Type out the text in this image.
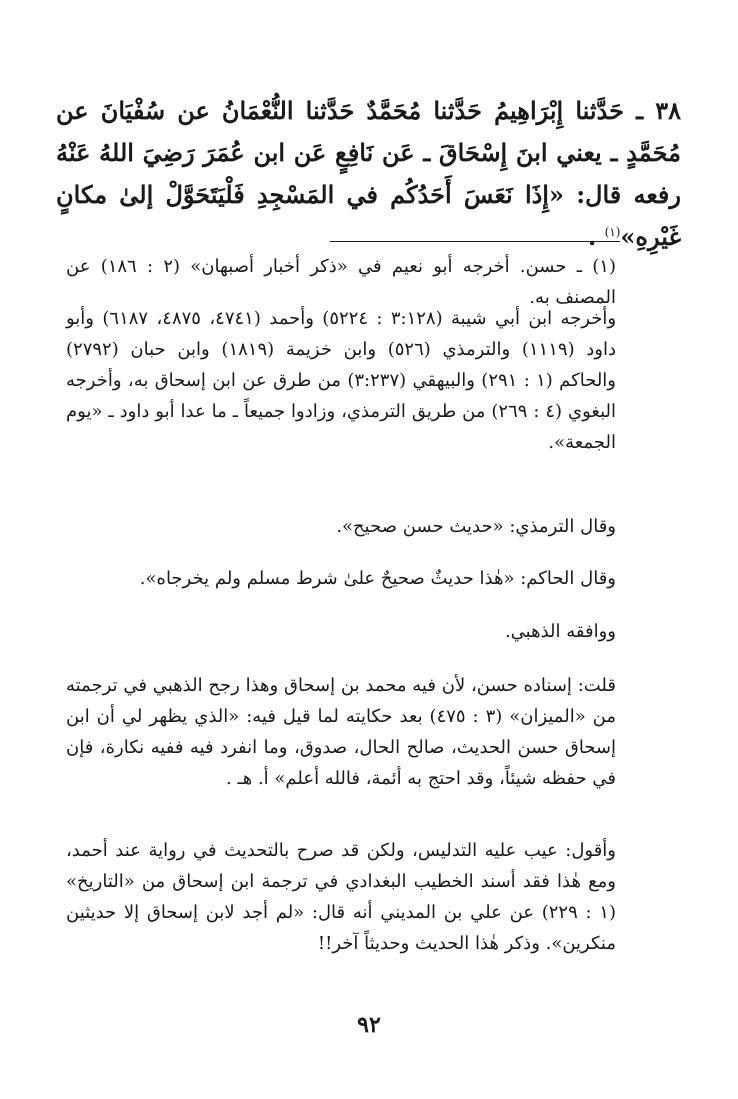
٣٨ ـ حَدَّثنا إِبْرَاهِيمُ حَدَّثنا مُحَمَّدٌ حَدَّثنا النُّعْمَانُ عن سُفْيَانَ عن مُحَمَّدٍ ـ يعني ابنَ إِسْحَاقَ ـ عَن نَافِعٍ عَن ابن عُمَرَ رَضِيَ اللهُ عَنْهُ رفعه قال: «إِذَا نَعَسَ أَحَدُكُم في المَسْجِدِ فَلْيَتَحَوَّلْ إلىٰ مكانٍ غَيْرِهِ»$^{(١)}$ .
(١) ـ حسن. أخرجه أبو نعيم في «ذكر أخبار أصبهان» (٢ : ١٨٦) عن المصنف به.
وأخرجه ابن أبي شيبة (٣:١٢٨ : ٥٢٢٤) وأحمد (٤٧٤١، ٤٨٧٥، ٦١٨٧) وأبو داود (١١١٩) والترمذي (٥٢٦) وابن خزيمة (١٨١٩) وابن حبان (٢٧٩٢) والحاكم (١ : ٢٩١) والبيهقي (٣:٢٣٧) من طرق عن ابن إسحاق به، وأخرجه البغوي (٤ : ٢٦٩) من طريق الترمذي، وزادوا جميعاً ـ ما عدا أبو داود ـ «يوم الجمعة».
وقال الترمذي: «حديث حسن صحيح».
وقال الحاكم: «هٰذا حديثٌ صحيحٌ علىٰ شرط مسلم ولم يخرجاه».
ووافقه الذهبي.
قلت: إسناده حسن، لأن فيه محمد بن إسحاق وهذا رجح الذهبي في ترجمته من «الميزان» (٣ : ٤٧٥) بعد حكايته لما قيل فيه: «الذي يظهر لي أن ابن إسحاق حسن الحديث، صالح الحال، صدوق، وما انفرد فيه ففيه نكارة، فإن في حفظه شيئاً، وقد احتج به أئمة، فالله أعلم» أ. هـ .
وأقول: عيب عليه التدليس، ولكن قد صرح بالتحديث في رواية عند أحمد، ومع هٰذا فقد أسند الخطيب البغدادي في ترجمة ابن إسحاق من «التاريخ» (١ : ٢٢٩) عن علي بن المديني أنه قال: «لم أجد لابن إسحاق إلا حديثين منكرين». وذكر هٰذا الحديث وحديثاً آخر!!
٩٢
